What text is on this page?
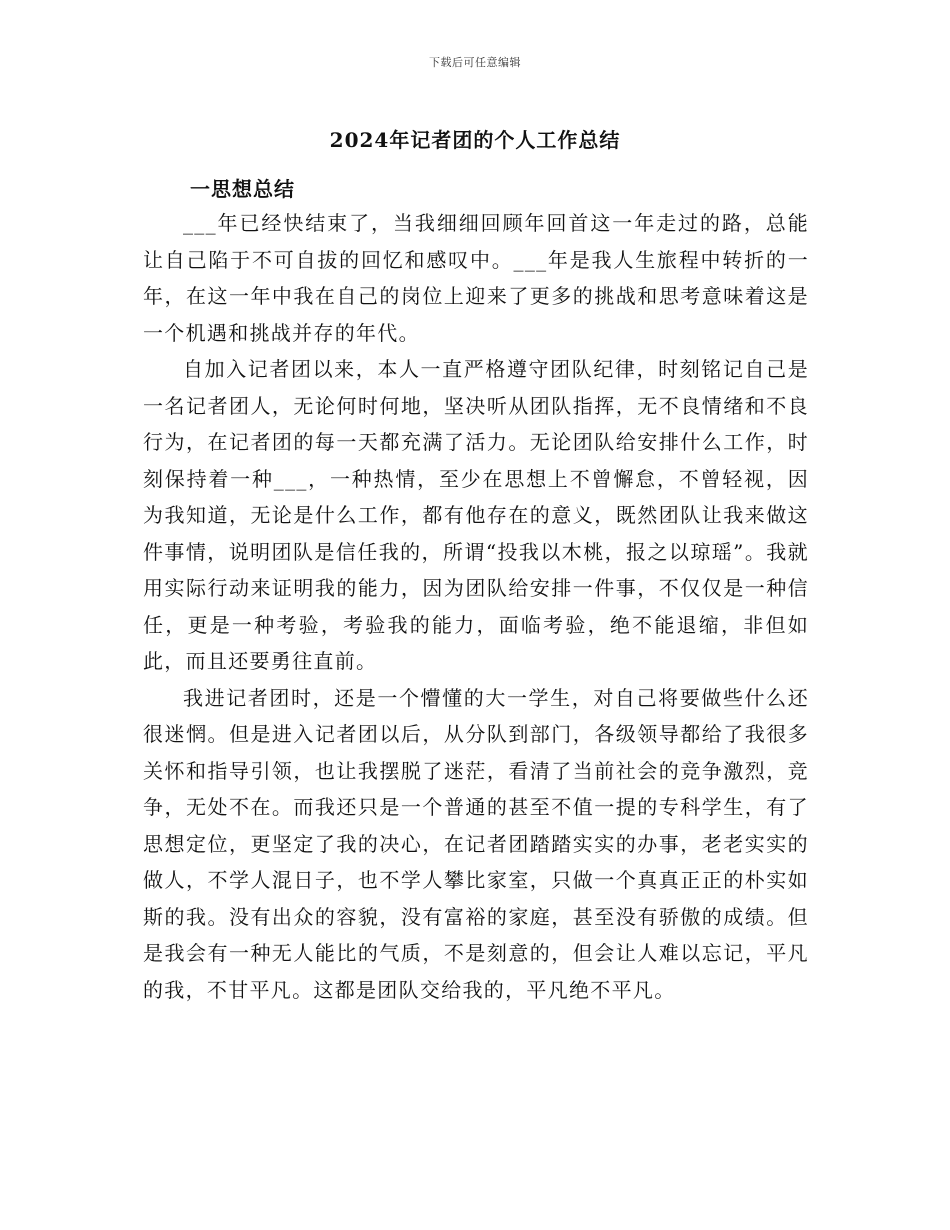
下载后可任意编辑
2024年记者团的个人工作总结
一思想总结

___年已经快结束了，当我细细回顾年回首这一年走过的路，总能让自己陷于不可自拔的回忆和感叹中。___年是我人生旅程中转折的一年，在这一年中我在自己的岗位上迎来了更多的挑战和思考意味着这是一个机遇和挑战并存的年代。

自加入记者团以来，本人一直严格遵守团队纪律，时刻铭记自己是一名记者团人，无论何时何地，坚决听从团队指挥，无不良情绪和不良行为，在记者团的每一天都充满了活力。无论团队给安排什么工作，时刻保持着一种___，一种热情，至少在思想上不曾懈怠，不曾轻视，因为我知道，无论是什么工作，都有他存在的意义，既然团队让我来做这件事情，说明团队是信任我的，所谓“投我以木桃，报之以琼瑶”。我就用实际行动来证明我的能力，因为团队给安排一件事，不仅仅是一种信任，更是一种考验，考验我的能力，面临考验，绝不能退缩，非但如此，而且还要勇往直前。

我进记者团时，还是一个懵懂的大一学生，对自己将要做些什么还很迷惘。但是进入记者团以后，从分队到部门，各级领导都给了我很多关怀和指导引领，也让我摆脱了迷茫，看清了当前社会的竞争激烈，竞争，无处不在。而我还只是一个普通的甚至不值一提的专科学生，有了思想定位，更坚定了我的决心，在记者团踏踏实实的办事，老老实实的做人，不学人混日子，也不学人攀比家室，只做一个真真正正的朴实如斯的我。没有出众的容貌，没有富裕的家庭，甚至没有骄傲的成绩。但是我会有一种无人能比的气质，不是刻意的，但会让人难以忘记，平凡的我，不甘平凡。这都是团队交给我的，平凡绝不平凡。
